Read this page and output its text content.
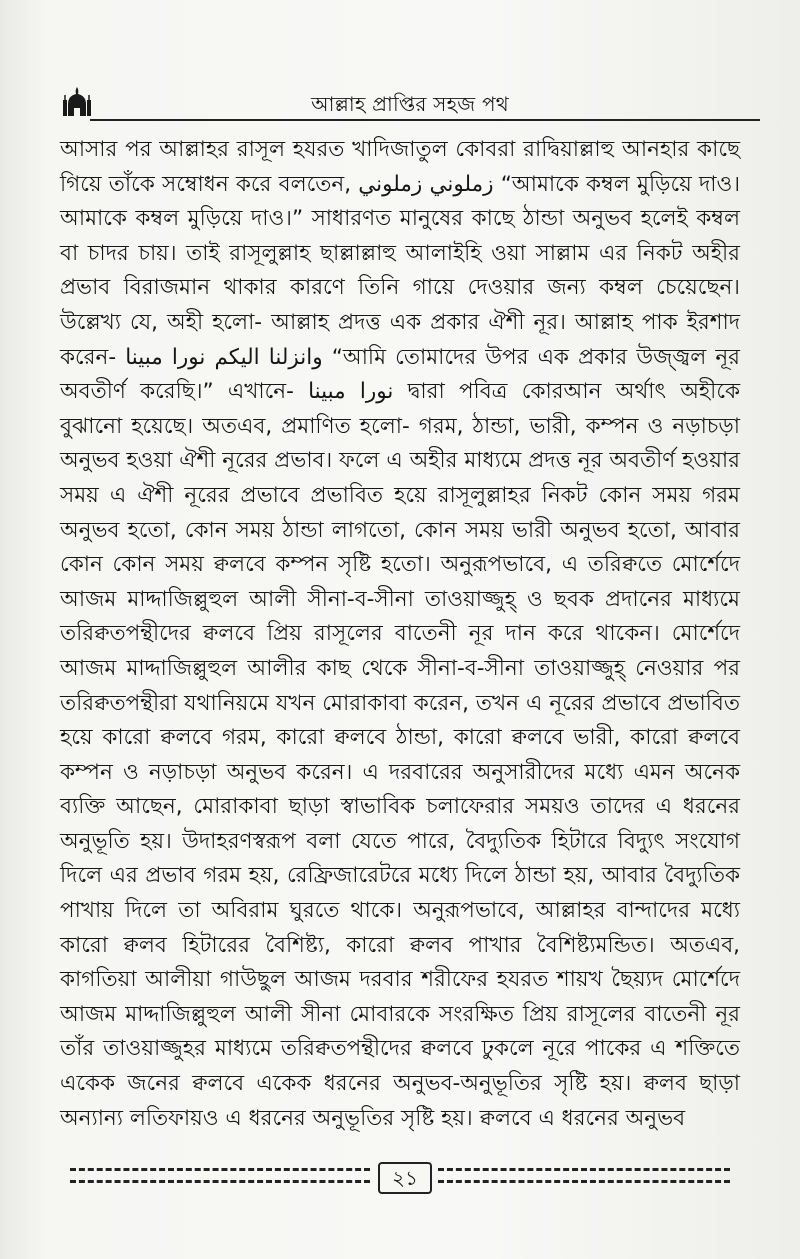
আল্লাহ প্রাপ্তির সহজ পথ

আসার পর আল্লাহর রাসূল হযরত খাদিজাতুল কোবরা রাদ্বিয়াল্লাহু আনহার কাছে গিয়ে তাঁকে সম্বোধন করে বলতেন, زملوني زملوني “আমাকে কম্বল মুড়িয়ে দাও। আমাকে কম্বল মুড়িয়ে দাও।” সাধারণত মানুষের কাছে ঠান্ডা অনুভব হলেই কম্বল বা চাদর চায়। তাই রাসূলুল্লাহ ছাল্লাল্লাহু আলাইহি ওয়া সাল্লাম এর নিকট অহীর প্রভাব বিরাজমান থাকার কারণে তিনি গায়ে দেওয়ার জন্য কম্বল চেয়েছেন। উল্লেখ্য যে, অহী হলো- আল্লাহ প্রদত্ত এক প্রকার ঐশী নূর। আল্লাহ পাক ইরশাদ করেন- وانزلنا اليكم نورا مبينا “আমি তোমাদের উপর এক প্রকার উজ্জ্বল নূর অবতীর্ণ করেছি।” এখানে- نورا مبينا দ্বারা পবিত্র কোরআন অর্থাৎ অহীকে বুঝানো হয়েছে। অতএব, প্রমাণিত হলো- গরম, ঠান্ডা, ভারী, কম্পন ও নড়াচড়া অনুভব হওয়া ঐশী নূরের প্রভাব। ফলে এ অহীর মাধ্যমে প্রদত্ত নূর অবতীর্ণ হওয়ার সময় এ ঐশী নূরের প্রভাবে প্রভাবিত হয়ে রাসূলুল্লাহর নিকট কোন সময় গরম অনুভব হতো, কোন সময় ঠান্ডা লাগতো, কোন সময় ভারী অনুভব হতো, আবার কোন কোন সময় ক্বলবে কম্পন সৃষ্টি হতো। অনুরূপভাবে, এ তরিক্বতে মোর্শেদে আজম মাদ্দাজিল্লুহুল আলী সীনা-ব-সীনা তাওয়াজ্জুহ্ ও ছবক প্রদানের মাধ্যমে তরিক্বতপন্থীদের ক্বলবে প্রিয় রাসূলের বাতেনী নূর দান করে থাকেন। মোর্শেদে আজম মাদ্দাজিল্লুহুল আলীর কাছ থেকে সীনা-ব-সীনা তাওয়াজ্জুহ্ নেওয়ার পর তরিক্বতপন্থীরা যথানিয়মে যখন মোরাকাবা করেন, তখন এ নূরের প্রভাবে প্রভাবিত হয়ে কারো ক্বলবে গরম, কারো ক্বলবে ঠান্ডা, কারো ক্বলবে ভারী, কারো ক্বলবে কম্পন ও নড়াচড়া অনুভব করেন। এ দরবারের অনুসারীদের মধ্যে এমন অনেক ব্যক্তি আছেন, মোরাকাবা ছাড়া স্বাভাবিক চলাফেরার সময়ও তাদের এ ধরনের অনুভূতি হয়। উদাহরণস্বরূপ বলা যেতে পারে, বৈদ্যুতিক হিটারে বিদ্যুৎ সংযোগ দিলে এর প্রভাব গরম হয়, রেফ্রিজারেটরে মধ্যে দিলে ঠান্ডা হয়, আবার বৈদ্যুতিক পাখায় দিলে তা অবিরাম ঘুরতে থাকে। অনুরূপভাবে, আল্লাহর বান্দাদের মধ্যে কারো ক্বলব হিটারের বৈশিষ্ট্য, কারো ক্বলব পাখার বৈশিষ্ট্যমন্ডিত। অতএব, কাগতিয়া আলীয়া গাউছুল আজম দরবার শরীফের হযরত শায়খ ছৈয়্যদ মোর্শেদে আজম মাদ্দাজিল্লুহুল আলী সীনা মোবারকে সংরক্ষিত প্রিয় রাসূলের বাতেনী নূর তাঁর তাওয়াজ্জুহর মাধ্যমে তরিক্বতপন্থীদের ক্বলবে ঢুকলে নূরে পাকের এ শক্তিতে একেক জনের ক্বলবে একেক ধরনের অনুভব-অনুভূতির সৃষ্টি হয়। ক্বলব ছাড়া অন্যান্য লতিফায়ও এ ধরনের অনুভূতির সৃষ্টি হয়। ক্বলবে এ ধরনের অনুভব

২১
